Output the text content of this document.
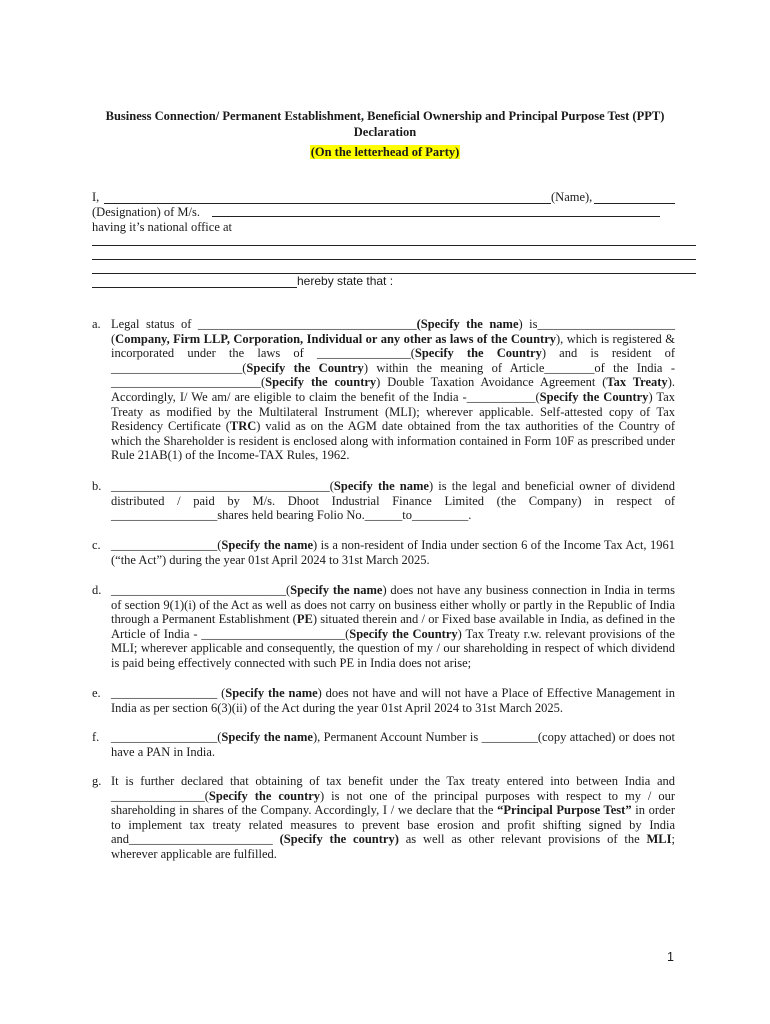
Business Connection/ Permanent Establishment, Beneficial Ownership and Principal Purpose Test (PPT) Declaration
(On the letterhead of Party)
I,	(Name),
(Designation) of M/s.
having it’s national office at
hereby state that :
a. Legal status of ___________________________________(Specify the name) is______________________ (Company, Firm LLP, Corporation, Individual or any other as laws of the Country), which is registered & incorporated under the laws of _______________(Specify the Country) and is resident of _____________________(Specify the Country) within the meaning of Article________of the India - ________________________(Specify the country) Double Taxation Avoidance Agreement (Tax Treaty). Accordingly, I/ We am/ are eligible to claim the benefit of the India -___________(Specify the Country) Tax Treaty as modified by the Multilateral Instrument (MLI); wherever applicable. Self-attested copy of Tax Residency Certificate (TRC) valid as on the AGM date obtained from the tax authorities of the Country of which the Shareholder is resident is enclosed along with information contained in Form 10F as prescribed under Rule 21AB(1) of the Income-TAX Rules, 1962.
b. ___________________________________(Specify the name) is the legal and beneficial owner of dividend distributed / paid by M/s. Dhoot Industrial Finance Limited (the Company) in respect of _________________shares held bearing Folio No.______to_________.
c. _________________(Specify the name) is a non-resident of India under section 6 of the Income Tax Act, 1961 (“the Act”) during the year 01st April 2024 to 31st March 2025.
d. ____________________________(Specify the name) does not have any business connection in India in terms of section 9(1)(i) of the Act as well as does not carry on business either wholly or partly in the Republic of India through a Permanent Establishment (PE) situated therein and / or Fixed base available in India, as defined in the Article of India - _______________________(Specify the Country) Tax Treaty r.w. relevant provisions of the MLI; wherever applicable and consequently, the question of my / our shareholding in respect of which dividend is paid being effectively connected with such PE in India does not arise;
e. _________________ (Specify the name) does not have and will not have a Place of Effective Management in India as per section 6(3)(ii) of the Act during the year 01st April 2024 to 31st March 2025.
f. _________________(Specify the name), Permanent Account Number is _________(copy attached) or does not have a PAN in India.
g. It is further declared that obtaining of tax benefit under the Tax treaty entered into between India and _______________(Specify the country) is not one of the principal purposes with respect to my / our shareholding in shares of the Company. Accordingly, I / we declare that the “Principal Purpose Test” in order to implement tax treaty related measures to prevent base erosion and profit shifting signed by India and_______________________ (Specify the country) as well as other relevant provisions of the MLI; wherever applicable are fulfilled.
1
